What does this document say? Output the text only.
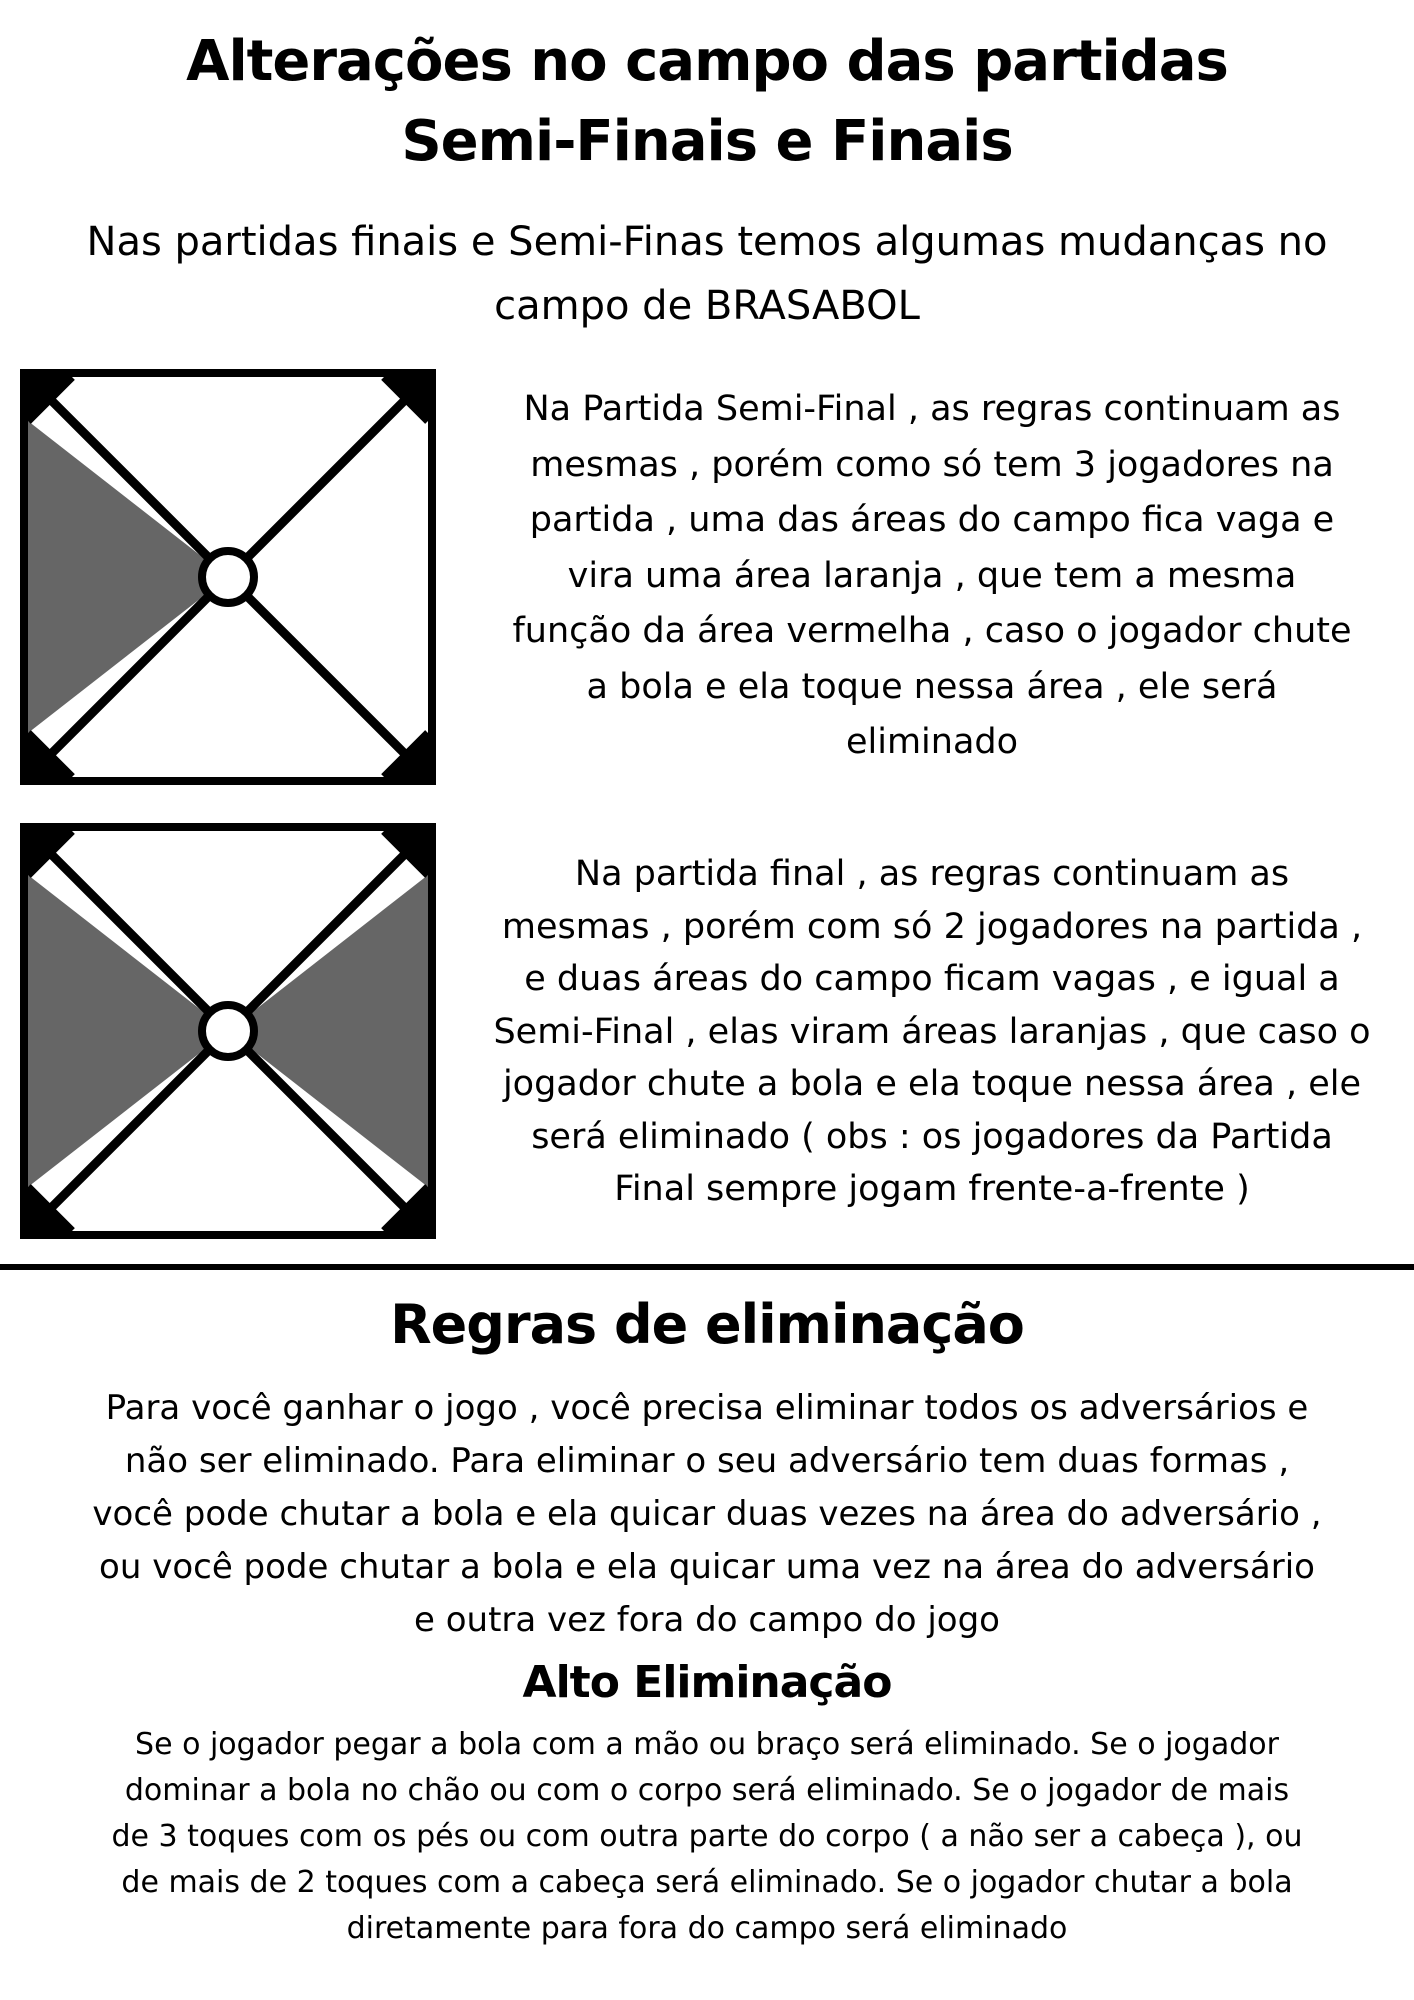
Alterações no campo das partidas
Semi-Finais e Finais

Nas partidas finais e Semi-Finas temos algumas mudanças no
campo de BRASABOL

Na Partida Semi-Final , as regras continuam as
mesmas , porém como só tem 3 jogadores na
partida , uma das áreas do campo fica vaga e
vira uma área laranja , que tem a mesma
função da área vermelha , caso o jogador chute
a bola e ela toque nessa área , ele será
eliminado

Na partida final , as regras continuam as
mesmas , porém com só 2 jogadores na partida ,
e duas áreas do campo ficam vagas , e igual a
Semi-Final , elas viram áreas laranjas , que caso o
jogador chute a bola e ela toque nessa área , ele
será eliminado ( obs : os jogadores da Partida
Final sempre jogam frente-a-frente )

Regras de eliminação

Para você ganhar o jogo , você precisa eliminar todos os adversários e
não ser eliminado. Para eliminar o seu adversário tem duas formas ,
você pode chutar a bola e ela quicar duas vezes na área do adversário ,
ou você pode chutar a bola e ela quicar uma vez na área do adversário
e outra vez fora do campo do jogo

Alto Eliminação

Se o jogador pegar a bola com a mão ou braço será eliminado. Se o jogador
dominar a bola no chão ou com o corpo será eliminado. Se o jogador de mais
de 3 toques com os pés ou com outra parte do corpo ( a não ser a cabeça ), ou
de mais de 2 toques com a cabeça será eliminado. Se o jogador chutar a bola
diretamente para fora do campo será eliminado
